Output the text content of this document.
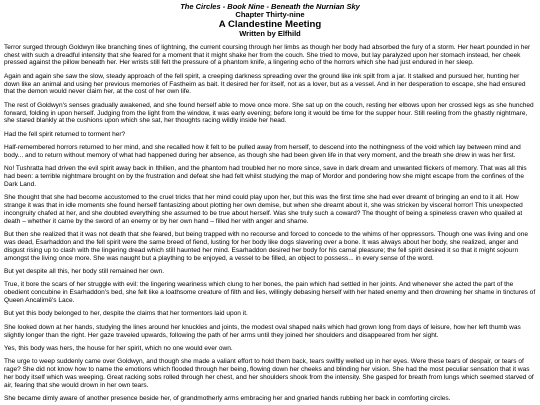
The Circles - Book Nine - Beneath the Nurnian Sky
Chapter Thirty-nine
A Clandestine Meeting
Written by Elfhild

Terror surged through Goldwyn like branching tines of lightning, the current coursing through her limbs as though her body had absorbed the fury of a storm. Her heart pounded in her chest with such a dreadful intensity that she feared for a moment that it might shake her from the couch. She tried to move, but lay paralyzed upon her stomach instead, her cheek pressed against the pillow beneath her. Her wrists still felt the pressure of a phantom knife, a lingering echo of the horrors which she had just endured in her sleep.

Again and again she saw the slow, steady approach of the fell spirit, a creeping darkness spreading over the ground like ink spilt from a jar. It stalked and pursued her, hunting her down like an animal and using her previous memories of Fastheim as bait. It desired her for itself, not as a lover, but as a vessel. And in her desperation to escape, she had ensured that the demon would never claim her, at the cost of her own life.

The rest of Goldwyn's senses gradually awakened, and she found herself able to move once more. She sat up on the couch, resting her elbows upon her crossed legs as she hunched forward, folding in upon herself. Judging from the light from the window, it was early evening; before long it would be time for the supper hour. Still reeling from the ghastly nightmare, she stared blankly at the cushions upon which she sat, her thoughts racing wildly inside her head.

Had the fell spirit returned to torment her?

Half-remembered horrors returned to her mind, and she recalled how it felt to be pulled away from herself, to descend into the nothingness of the void which lay between mind and body... and to return without memory of what had happened during her absence, as though she had been given life in that very moment, and the breath she drew in was her first.

No! Tushratta had driven the evil spirit away back in Ithilien, and the phantom had troubled her no more since, save in dark dream and unwanted flickers of memory. That was all this had been: a terrible nightmare brought on by the frustration and defeat she had felt whilst studying the map of Mordor and pondering how she might escape from the confines of the Dark Land.

She thought that she had become accustomed to the cruel tricks that her mind could play upon her, but this was the first time she had ever dreamt of bringing an end to it all. How strange it was that in idle moments she found herself fantasizing about plotting her own demise, but when she dreamt about it, she was stricken by visceral horror! This unexpected incongruity chafed at her, and she doubted everything she assumed to be true about herself. Was she truly such a coward? The thought of being a spineless craven who quailed at death – whether it came by the sword of an enemy or by her own hand – filled her with anger and shame.

But then she realized that it was not death that she feared, but being trapped with no recourse and forced to concede to the whims of her oppressors. Though one was living and one was dead, Esarhaddon and the fell spirit were the same breed of fiend, lusting for her body like dogs slavering over a bone. It was always about her body, she realized, anger and disgust rising up to clash with the lingering dread which still haunted her mind. Esarhaddon desired her body for his carnal pleasure; the fell spirit desired it so that it might sojourn amongst the living once more. She was naught but a plaything to be enjoyed, a vessel to be filled, an object to possess... in every sense of the word.

But yet despite all this, her body still remained her own.

True, it bore the scars of her struggle with evil: the lingering weariness which clung to her bones, the pain which had settled in her joints. And whenever she acted the part of the obedient concubine in Esarhaddon's bed, she felt like a loathsome creature of filth and lies, willingly debasing herself with her hated enemy and then drowning her shame in tinctures of Queen Ancalimë's Lace.

But yet this body belonged to her, despite the claims that her tormentors laid upon it.

She looked down at her hands, studying the lines around her knuckles and joints, the modest oval shaped nails which had grown long from days of leisure, how her left thumb was slightly longer than the right. Her gaze traveled upwards, following the path of her arms until they joined her shoulders and disappeared from her sight.

Yes, this body was hers, the house for her spirit, which no one would ever own.

The urge to weep suddenly came over Goldwyn, and though she made a valiant effort to hold them back, tears swiftly welled up in her eyes. Were these tears of despair, or tears of rage? She did not know how to name the emotions which flooded through her being, flowing down her cheeks and blinding her vision. She had the most peculiar sensation that it was her body itself which was weeping. Great racking sobs rolled through her chest, and her shoulders shook from the intensity. She gasped for breath from lungs which seemed starved of air, fearing that she would drown in her own tears.

She became dimly aware of another presence beside her, of grandmotherly arms embracing her and gnarled hands rubbing her back in comforting circles.
